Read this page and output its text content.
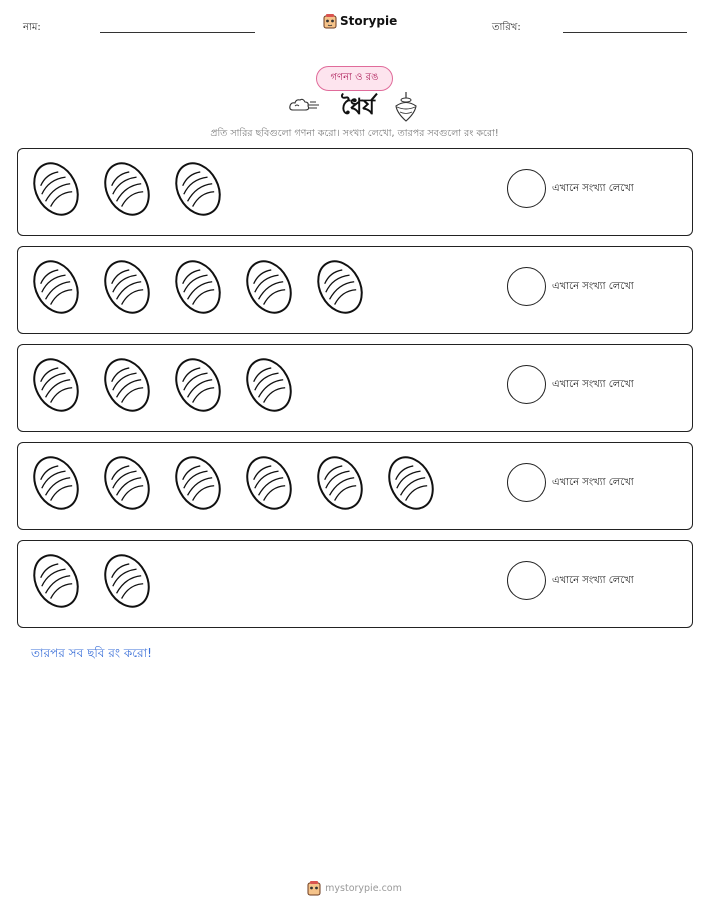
নাম:	Storypie	তারিখ:
গণনা ও রঙ
ধৈর্য
প্রতি সারির ছবিগুলো গণনা করো। সংখ্যা লেখো, তারপর সবগুলো রং করো!
এখানে সংখ্যা লেখো
এখানে সংখ্যা লেখো
এখানে সংখ্যা লেখো
এখানে সংখ্যা লেখো
এখানে সংখ্যা লেখো
তারপর সব ছবি রং করো!
mystorypie.com
